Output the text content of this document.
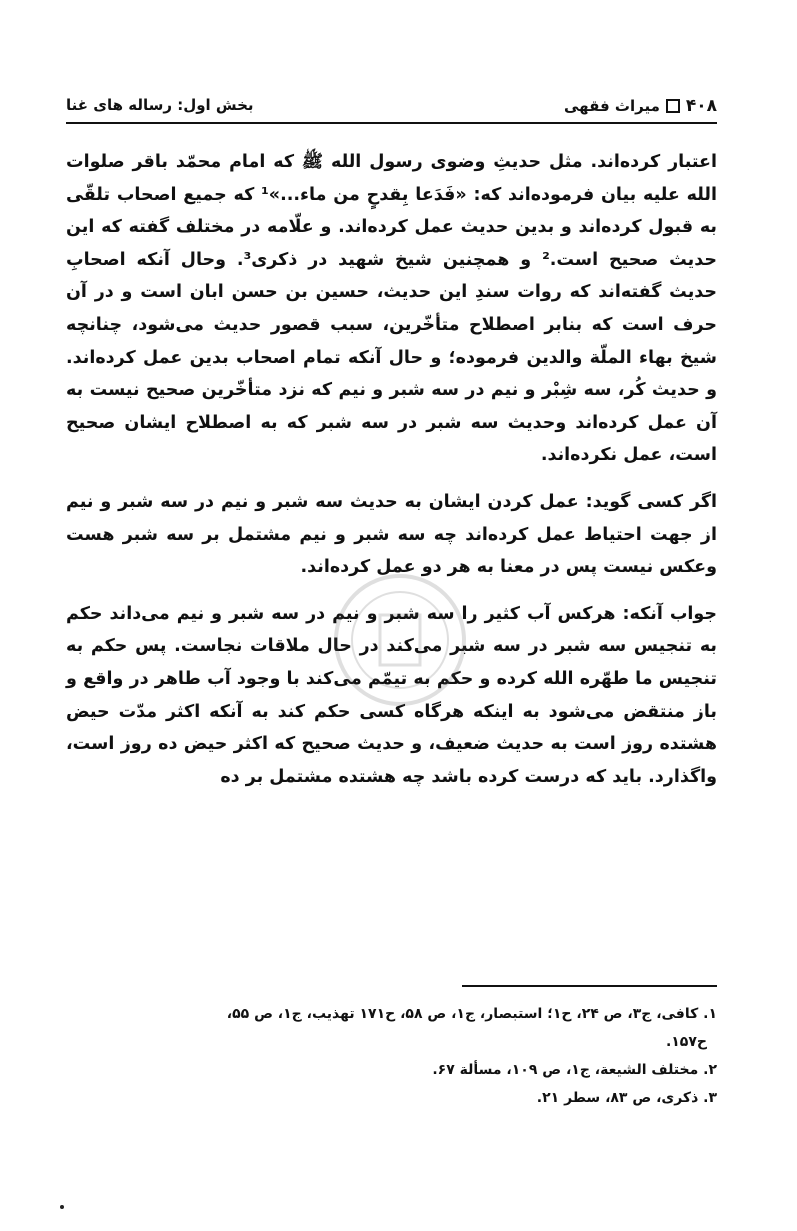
۴۰۸
میراث فقهی
بخش اول: رساله های غنا

اعتبار کرده‌اند. مثل حدیثِ وضوی رسول الله ﷺ که امام محمّد باقر صلوات الله علیه بیان فرموده‌اند که: «فَدَعا بِقدحٍ من ماء...»¹ که جمیع اصحاب تلقّی به قبول کرده‌اند و بدین حدیث عمل کرده‌اند. و علّامه در مختلف گفته که این حدیث صحیح است.² و همچنین شیخ شهید در ذکری³. وحال آنکه اصحابِ حدیث گفته‌اند که روات سندِ این حدیث، حسین بن حسن ابان است و در آن حرف است که بنابر اصطلاح متأخّرین، سبب قصور حدیث می‌شود، چنانچه شیخ بهاء الملّة والدین فرموده؛ و حال آنکه تمام اصحاب بدین عمل کرده‌اند. و حدیث کُر، سه شِبْر و نیم در سه شبر و نیم که نزد متأخّرین صحیح نیست به آن عمل کرده‌اند وحدیث سه شبر در سه شبر که به اصطلاح ایشان صحیح است، عمل نکرده‌اند.

اگر کسی گوید: عمل کردن ایشان به حدیث سه شبر و نیم در سه شبر و نیم از جهت احتیاط عمل کرده‌اند چه سه شبر و نیم مشتمل بر سه شبر هست وعکس نیست پس در معنا به هر دو عمل کرده‌اند.

جواب آنکه: هرکس آب کثیر را سه شبر و نیم در سه شبر و نیم می‌داند حکم به تنجیس سه شبر در سه شبر می‌کند در حال ملاقات نجاست. پس حکم به تنجیس ما طهّره الله کرده و حکم به تیمّم می‌کند با وجود آب طاهر در واقع و باز منتقض می‌شود به اینکه هرگاه کسی حکم کند به آنکه اکثر مدّت حیض هشتده روز است به حدیث ضعیف، و حدیث صحیح که اکثر حیض ده روز است، واگذارد. باید که درست کرده باشد چه هشتده مشتمل بر ده

۱. کافی، ج۳، ص ۲۴، ح۱؛ استبصار، ج۱، ص ۵۸، ح۱۷۱ تهذیب، ج۱، ص ۵۵،

ح۱۵۷.

۲. مختلف الشیعة، ج۱، ص ۱۰۹، مسألة ۶۷.

۳. ذکری، ص ۸۳، سطر ۲۱.
